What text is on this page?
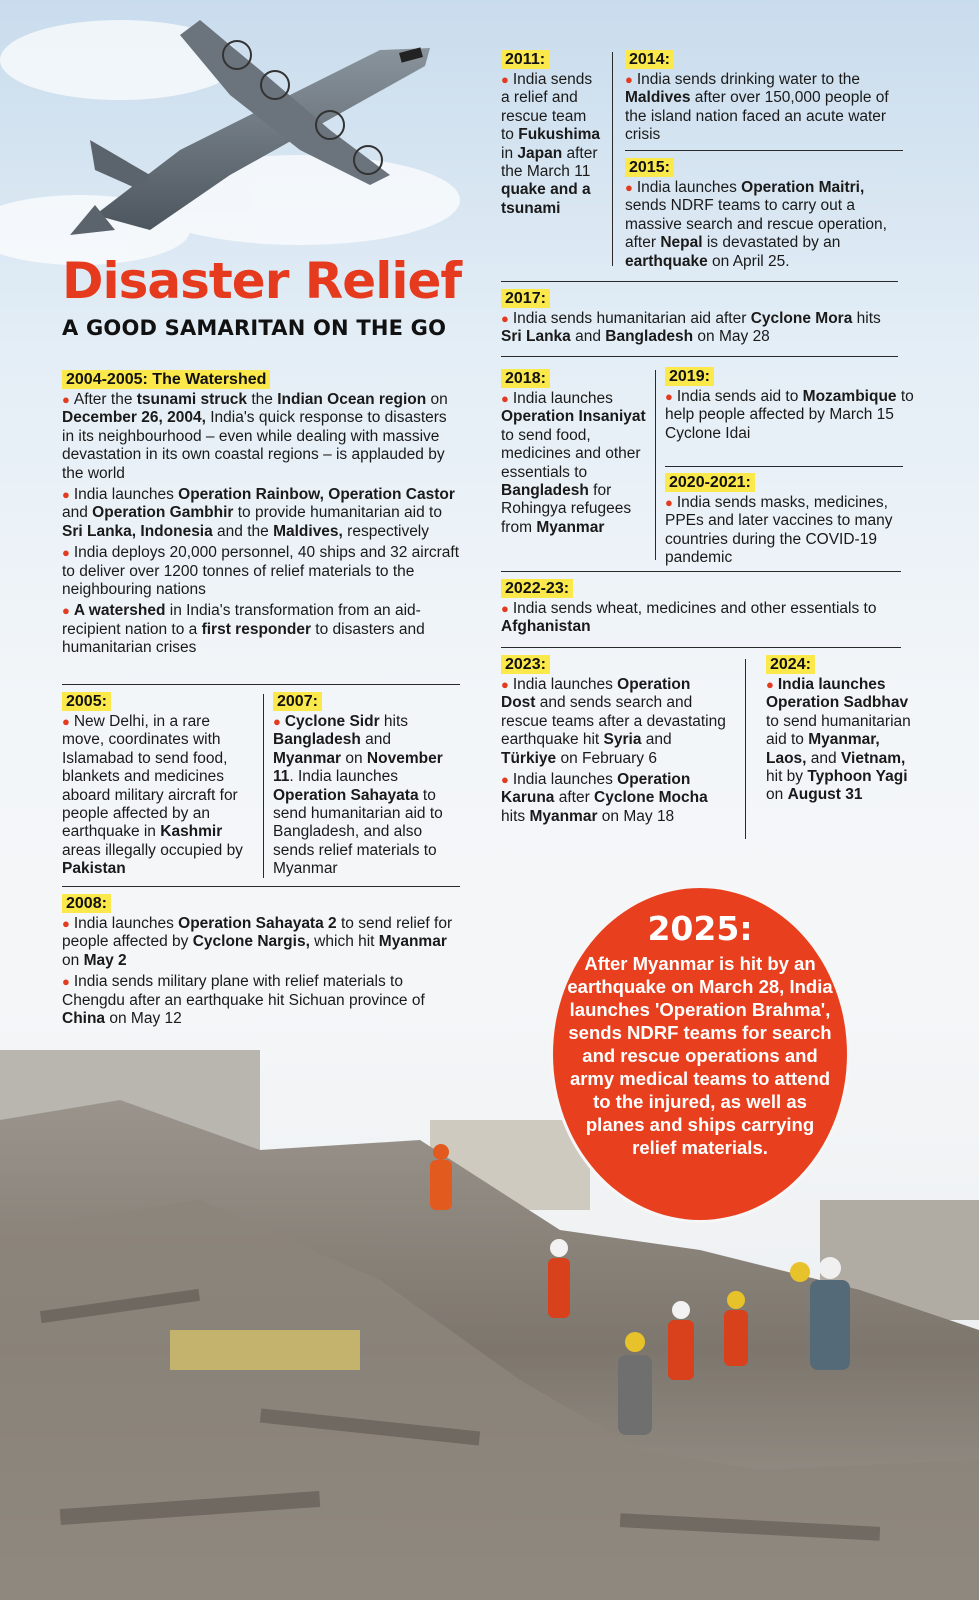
Disaster Relief
A GOOD SAMARITAN ON THE GO
2004-2005: The Watershed

● After the tsunami struck the Indian Ocean region on December 26, 2004, India's quick response to disasters in its neighbourhood – even while dealing with massive devastation in its own coastal regions – is applauded by the world
● India launches Operation Rainbow, Operation Castor and Operation Gambhir to provide humanitarian aid to Sri Lanka, Indonesia and the Maldives, respectively
● India deploys 20,000 personnel, 40 ships and 32 aircraft to deliver over 1200 tonnes of relief materials to the neighbouring nations
● A watershed in India's transformation from an aid-recipient nation to a first responder to disasters and humanitarian crises
2005:

● New Delhi, in a rare move, coordinates with Islamabad to send food, blankets and medicines aboard military aircraft for people affected by an earthquake in Kashmir areas illegally occupied by Pakistan
2007:

● Cyclone Sidr hits Bangladesh and Myanmar on November 11. India launches Operation Sahayata to send humanitarian aid to Bangladesh, and also sends relief materials to Myanmar
2008:

● India launches Operation Sahayata 2 to send relief for people affected by Cyclone Nargis, which hit Myanmar on May 2
● India sends military plane with relief materials to Chengdu after an earthquake hit Sichuan province of China on May 12
2011:

● India sends a relief and rescue team to Fukushima in Japan after the March 11 quake and a tsunami
2014:

● India sends drinking water to the Maldives after over 150,000 people of the island nation faced an acute water crisis
2015:

● India launches Operation Maitri, sends NDRF teams to carry out a massive search and rescue operation, after Nepal is devastated by an earthquake on April 25.
2017:

● India sends humanitarian aid after Cyclone Mora hits Sri Lanka and Bangladesh on May 28
2018:

● India launches Operation Insaniyat to send food, medicines and other essentials to Bangladesh for Rohingya refugees from Myanmar
2019:

● India sends aid to Mozambique to help people affected by March 15 Cyclone Idai
2020-2021:

● India sends masks, medicines, PPEs and later vaccines to many countries during the COVID-19 pandemic
2022-23:

● India sends wheat, medicines and other essentials to Afghanistan
2023:

● India launches Operation Dost and sends search and rescue teams after a devastating earthquake hit Syria and Türkiye on February 6
● India launches Operation Karuna after Cyclone Mocha hits Myanmar on May 18
2024:

● India launches Operation Sadbhav to send humanitarian aid to Myanmar, Laos, and Vietnam, hit by Typhoon Yagi on August 31
2025:
After Myanmar is hit by an earthquake on March 28, India launches 'Operation Brahma', sends NDRF teams for search and rescue operations and army medical teams to attend to the injured, as well as planes and ships carrying relief materials.
